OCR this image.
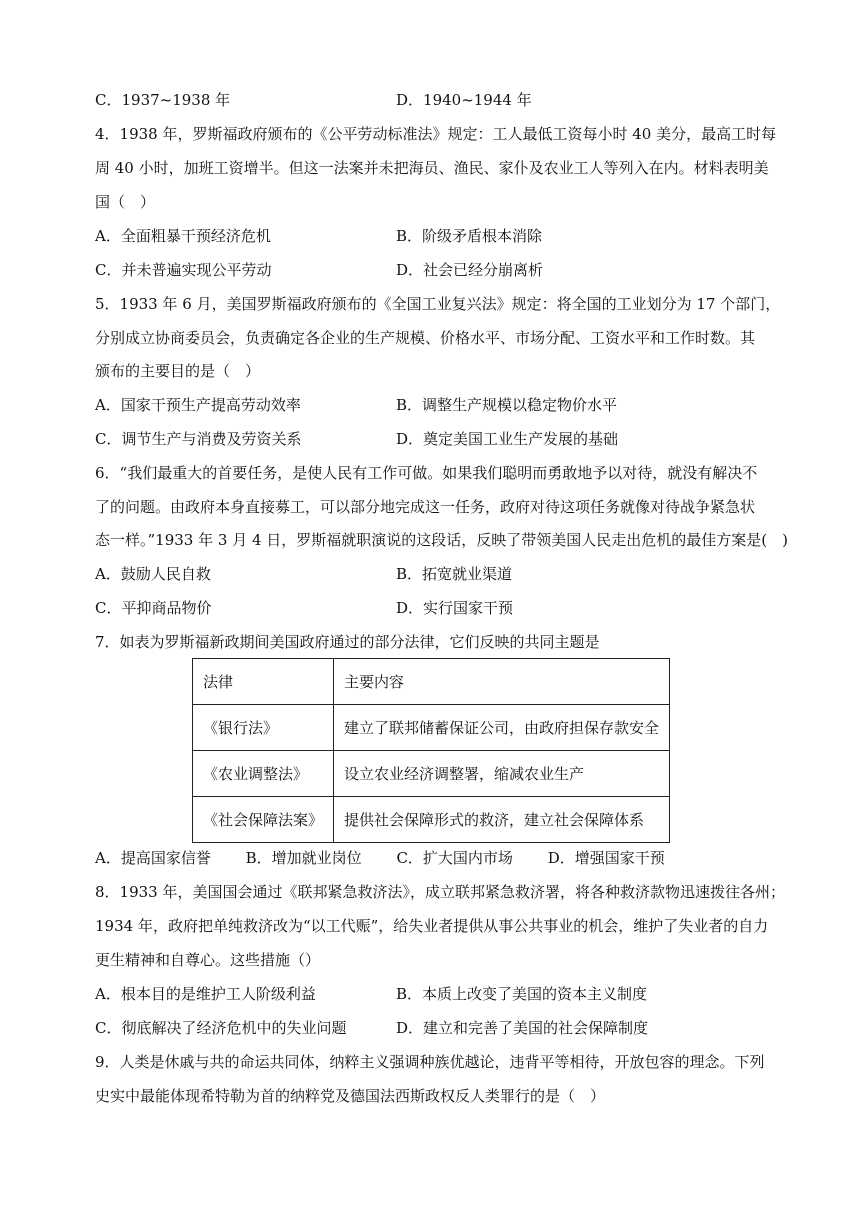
C．1937~1938 年	D．1940~1944 年
4．1938 年，罗斯福政府颁布的《公平劳动标准法》规定：工人最低工资每小时 40 美分，最高工时每
周 40 小时，加班工资增半。但这一法案并未把海员、渔民、家仆及农业工人等列入在内。材料表明美
国（　）
A．全面粗暴干预经济危机	B．阶级矛盾根本消除
C．并未普遍实现公平劳动	D．社会已经分崩离析
5．1933 年 6 月，美国罗斯福政府颁布的《全国工业复兴法》规定：将全国的工业划分为 17 个部门，
分别成立协商委员会，负责确定各企业的生产规模、价格水平、市场分配、工资水平和工作时数。其
颁布的主要目的是（　）
A．国家干预生产提高劳动效率	B．调整生产规模以稳定物价水平
C．调节生产与消费及劳资关系	D．奠定美国工业生产发展的基础
6．“我们最重大的首要任务，是使人民有工作可做。如果我们聪明而勇敢地予以对待，就没有解决不
了的问题。由政府本身直接募工，可以部分地完成这一任务，政府对待这项任务就像对待战争紧急状
态一样。”1933 年 3 月 4 日，罗斯福就职演说的这段话，反映了带领美国人民走出危机的最佳方案是(　)
A．鼓励人民自救	B．拓宽就业渠道
C．平抑商品物价	D．实行国家干预
7．如表为罗斯福新政期间美国政府通过的部分法律，它们反映的共同主题是
法律	主要内容
《银行法》	建立了联邦储蓄保证公司，由政府担保存款安全
《农业调整法》	设立农业经济调整署，缩减农业生产
《社会保障法案》	提供社会保障形式的救济，建立社会保障体系
A．提高国家信誉 B．增加就业岗位 C．扩大国内市场 D．增强国家干预
8．1933 年，美国国会通过《联邦紧急救济法》，成立联邦紧急救济署，将各种救济款物迅速拨往各州；
1934 年，政府把单纯救济改为“以工代赈”，给失业者提供从事公共事业的机会，维护了失业者的自力
更生精神和自尊心。这些措施（）
A．根本目的是维护工人阶级利益	B．本质上改变了美国的资本主义制度
C．彻底解决了经济危机中的失业问题	D．建立和完善了美国的社会保障制度
9．人类是休戚与共的命运共同体，纳粹主义强调种族优越论，违背平等相待，开放包容的理念。下列
史实中最能体现希特勒为首的纳粹党及德国法西斯政权反人类罪行的是（　）
